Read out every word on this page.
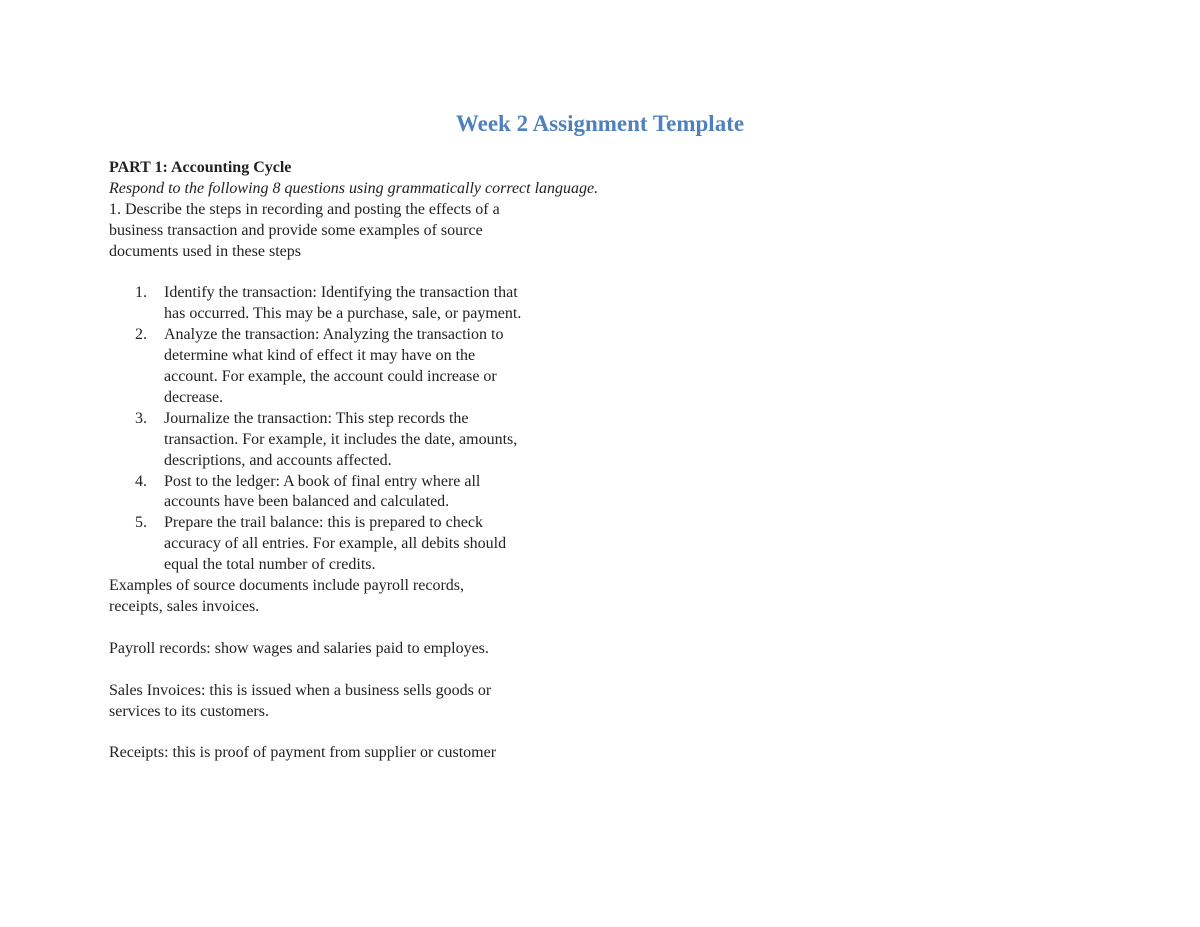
Week 2 Assignment Template
PART 1: Accounting Cycle
Respond to the following 8 questions using grammatically correct language.
1. Describe the steps in recording and posting the effects of a
business transaction and provide some examples of source
documents used in these steps
1. Identify the transaction: Identifying the transaction that
has occurred. This may be a purchase, sale, or payment.
2. Analyze the transaction: Analyzing the transaction to
determine what kind of effect it may have on the
account. For example, the account could increase or
decrease.
3. Journalize the transaction: This step records the
transaction. For example, it includes the date, amounts,
descriptions, and accounts affected.
4. Post to the ledger: A book of final entry where all
accounts have been balanced and calculated.
5. Prepare the trail balance: this is prepared to check
accuracy of all entries. For example, all debits should
equal the total number of credits.
Examples of source documents include payroll records,
receipts, sales invoices.
Payroll records: show wages and salaries paid to employes.
Sales Invoices: this is issued when a business sells goods or
services to its customers.
Receipts: this is proof of payment from supplier or customer
